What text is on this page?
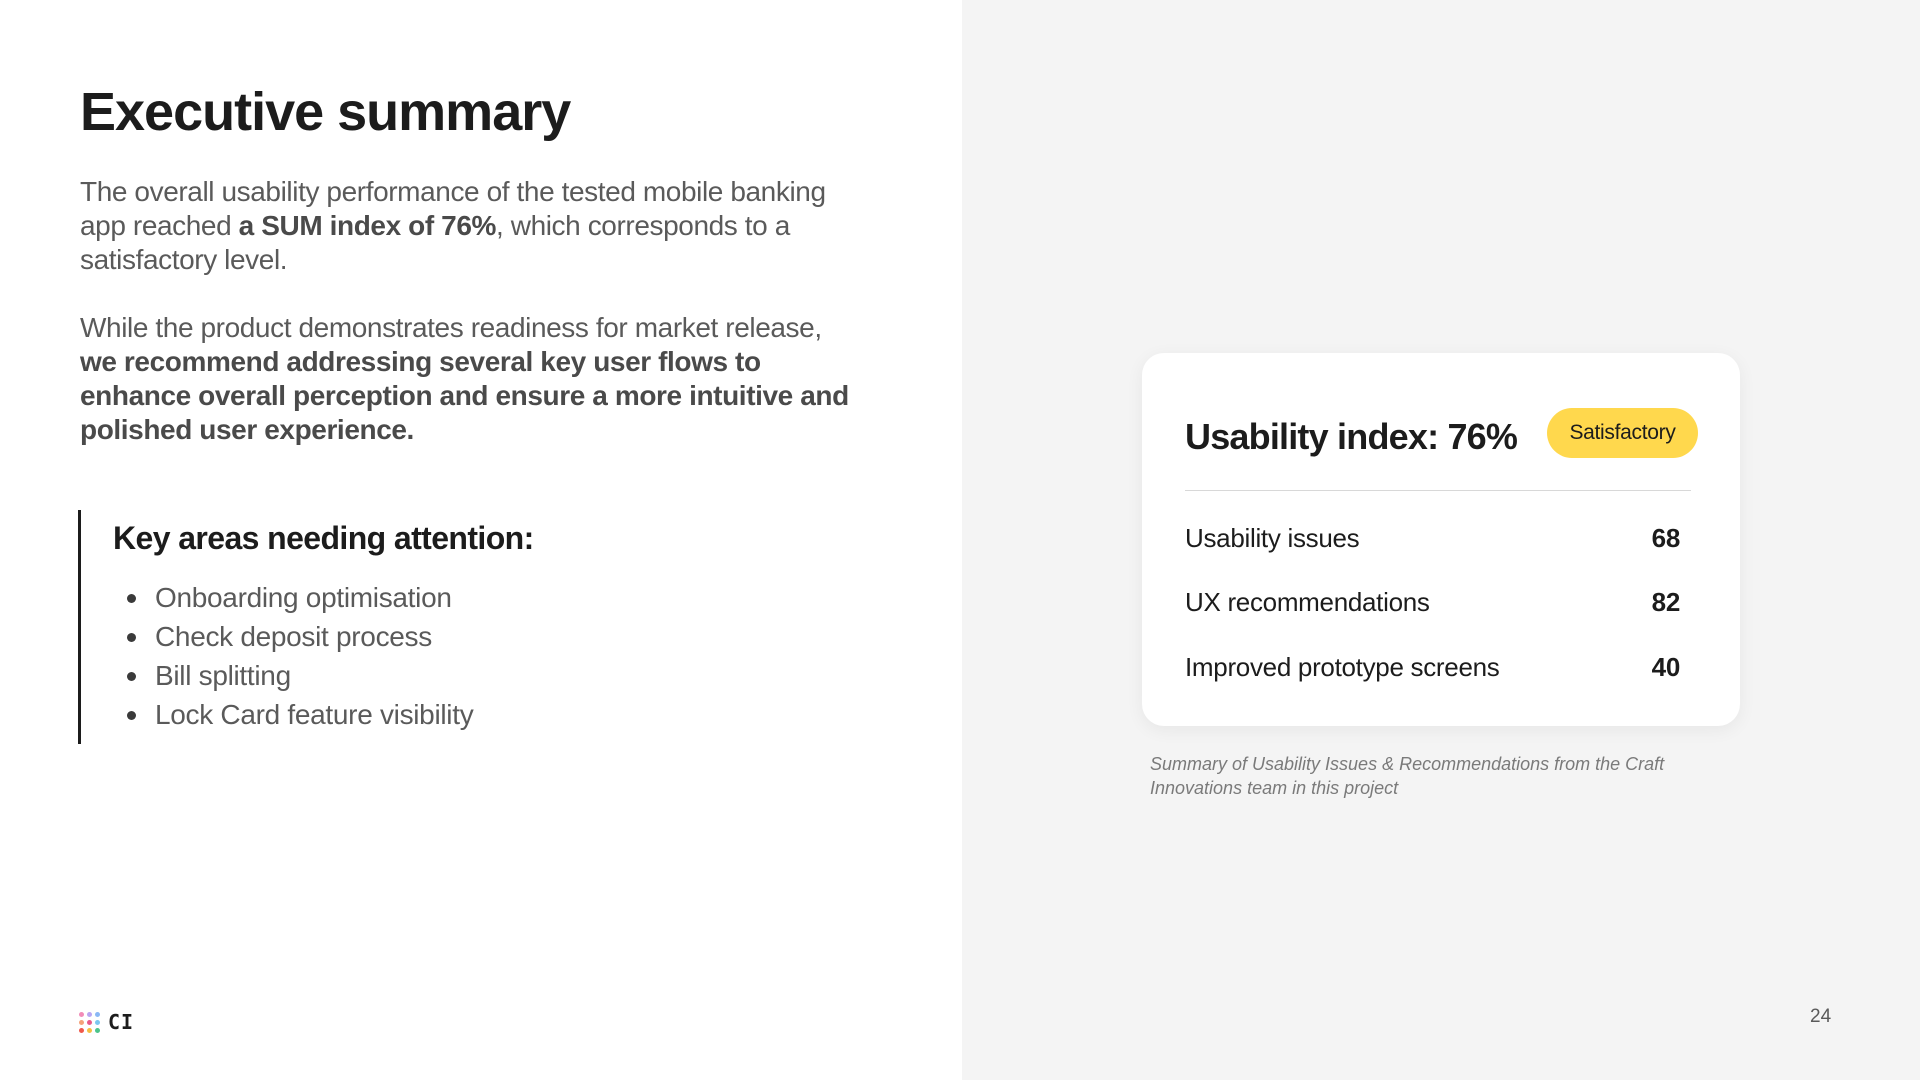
Executive summary

The overall usability performance of the tested mobile banking app reached a SUM index of 76%, which corresponds to a satisfactory level.

While the product demonstrates readiness for market release, we recommend addressing several key user flows to enhance overall perception and ensure a more intuitive and polished user experience.

Key areas needing attention:
Onboarding optimisation
Check deposit process
Bill splitting
Lock Card feature visibility
Usability index: 76%	Satisfactory
Usability issues	68
UX recommendations	82
Improved prototype screens	40

Summary of Usability Issues & Recommendations from the Craft Innovations team in this project

CI	24
